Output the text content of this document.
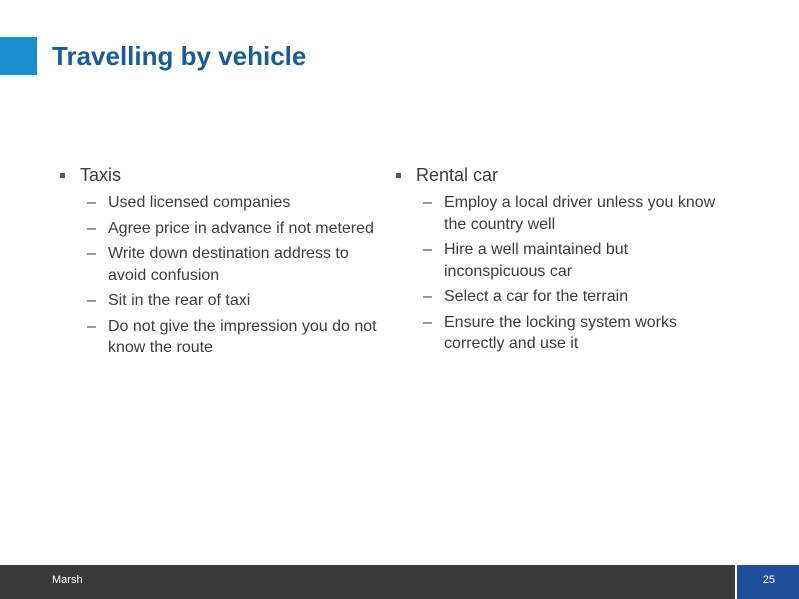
Travelling by vehicle
Taxis
– Used licensed companies
– Agree price in advance if not metered
– Write down destination address to avoid confusion
– Sit in the rear of taxi
– Do not give the impression you do not know the route
Rental car
– Employ a local driver unless you know the country well
– Hire a well maintained but inconspicuous car
– Select a car for the terrain
– Ensure the locking system works correctly and use it
Marsh	25
